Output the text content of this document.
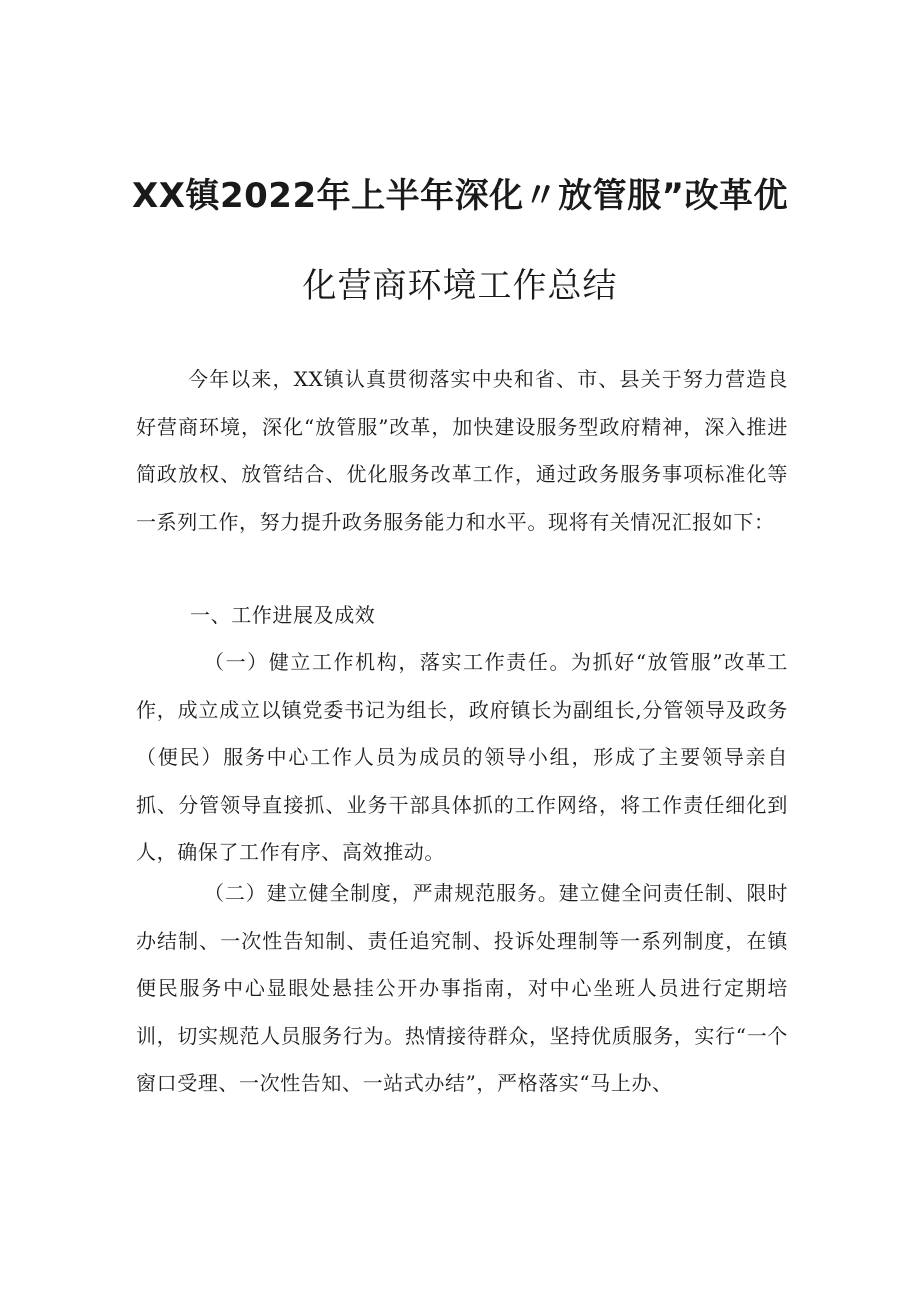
XX镇2022年上半年深化〃放管服”改革优
化营商环境工作总结
今年以来，XX镇认真贯彻落实中央和省、市、县关于努力营造良好营商环境，深化“放管服”改革，加快建设服务型政府精神，深入推进简政放权、放管结合、优化服务改革工作，通过政务服务事项标准化等一系列工作，努力提升政务服务能力和水平。现将有关情况汇报如下：
一、工作进展及成效
（一）健立工作机构，落实工作责任。为抓好“放管服”改革工作，成立成立以镇党委书记为组长，政府镇长为副组长,分管领导及政务（便民）服务中心工作人员为成员的领导小组，形成了主要领导亲自抓、分管领导直接抓、业务干部具体抓的工作网络，将工作责任细化到人，确保了工作有序、高效推动。
（二）建立健全制度，严肃规范服务。建立健全问责任制、限时办结制、一次性告知制、责任追究制、投诉处理制等一系列制度，在镇便民服务中心显眼处悬挂公开办事指南，对中心坐班人员进行定期培训，切实规范人员服务行为。热情接待群众，坚持优质服务，实行“一个窗口受理、一次性告知、一站式办结”，严格落实“马上办、
